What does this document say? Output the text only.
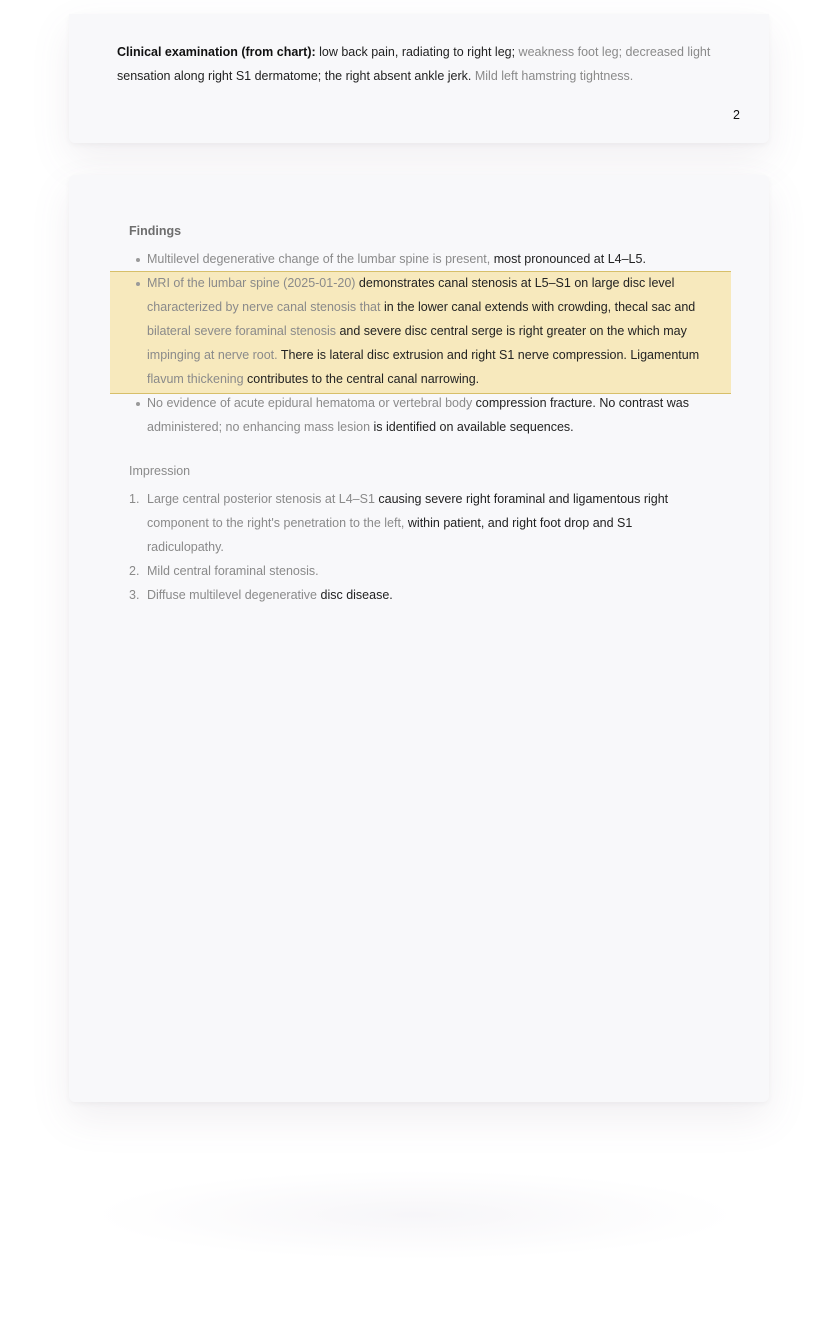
Clinical examination (from chart): low back pain, radiating to right leg; weakness foot leg; decreased light
sensation along right S1 dermatome; the right absent ankle jerk. Mild left hamstring tightness.
2
Findings
Multilevel degenerative change of the lumbar spine is present, most pronounced at L4–L5.
MRI of the lumbar spine (2025-01-20) demonstrates canal stenosis at L5–S1 on large disc level
characterized by nerve canal stenosis that in the lower canal extends with crowding, thecal sac and
bilateral severe foraminal stenosis and severe disc central serge is right greater on the which may
impinging at nerve root. There is lateral disc extrusion and right S1 nerve compression. Ligamentum
flavum thickening contributes to the central canal narrowing.
No evidence of acute epidural hematoma or vertebral body compression fracture. No contrast was
administered; no enhancing mass lesion is identified on available sequences.
Impression
1. Large central posterior stenosis at L4–S1 causing severe right foraminal and ligamentous right
component to the right's penetration to the left, within patient, and right foot drop and S1
radiculopathy.
2. Mild central foraminal stenosis.
3. Diffuse multilevel degenerative disc disease.
